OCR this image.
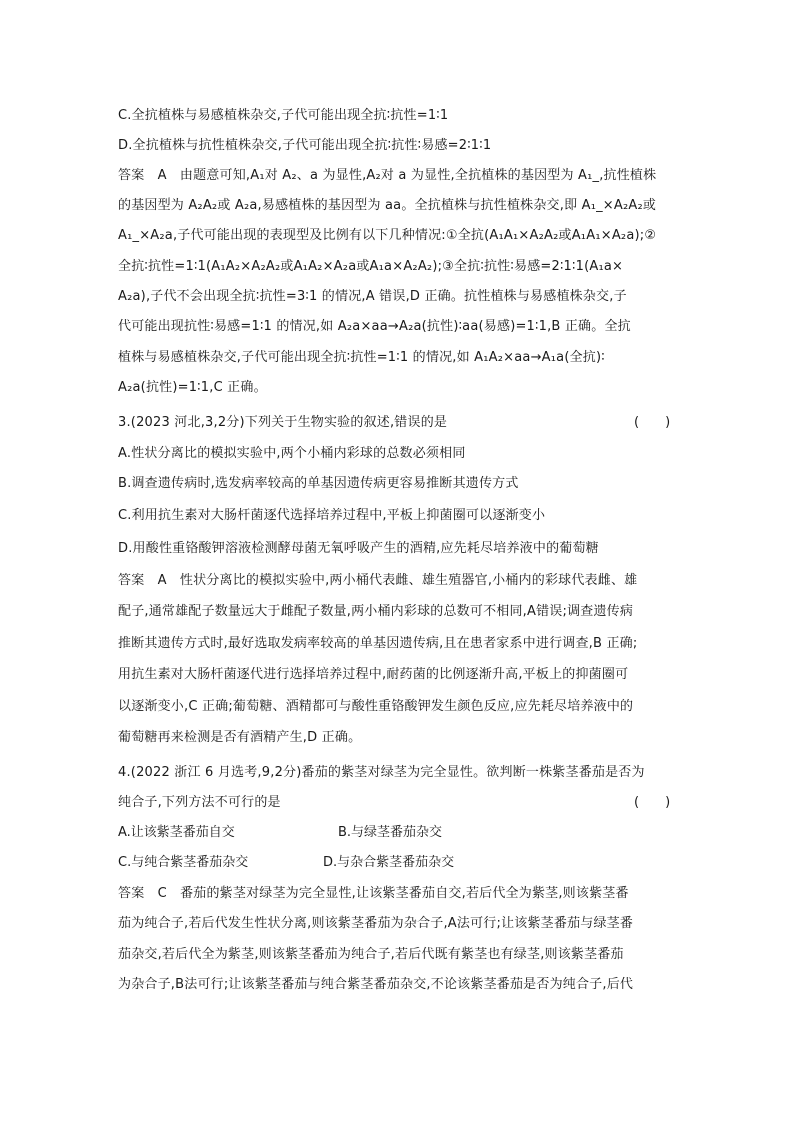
C.全抗植株与易感植株杂交,子代可能出现全抗∶抗性=1∶1
D.全抗植株与抗性植株杂交,子代可能出现全抗∶抗性∶易感=2∶1∶1
答案　A　由题意可知,A₁对 A₂、a 为显性,A₂对 a 为显性,全抗植株的基因型为 A₁_,抗性植株
的基因型为 A₂A₂或 A₂a,易感植株的基因型为 aa。全抗植株与抗性植株杂交,即 A₁_×A₂A₂或
A₁_×A₂a,子代可能出现的表现型及比例有以下几种情况:①全抗(A₁A₁×A₂A₂或A₁A₁×A₂a);②
全抗∶抗性=1∶1(A₁A₂×A₂A₂或A₁A₂×A₂a或A₁a×A₂A₂);③全抗∶抗性∶易感=2∶1∶1(A₁a×
A₂a),子代不会出现全抗∶抗性=3∶1 的情况,A 错误,D 正确。抗性植株与易感植株杂交,子
代可能出现抗性∶易感=1∶1 的情况,如 A₂a×aa→A₂a(抗性)∶aa(易感)=1∶1,B 正确。全抗
植株与易感植株杂交,子代可能出现全抗∶抗性=1∶1 的情况,如 A₁A₂×aa→A₁a(全抗)∶
A₂a(抗性)=1∶1,C 正确。
3.(2023 河北,3,2分)下列关于生物实验的叙述,错误的是	(　　)
A.性状分离比的模拟实验中,两个小桶内彩球的总数必须相同
B.调查遗传病时,选发病率较高的单基因遗传病更容易推断其遗传方式
C.利用抗生素对大肠杆菌逐代选择培养过程中,平板上抑菌圈可以逐渐变小
D.用酸性重铬酸钾溶液检测酵母菌无氧呼吸产生的酒精,应先耗尽培养液中的葡萄糖
答案　A　性状分离比的模拟实验中,两小桶代表雌、雄生殖器官,小桶内的彩球代表雌、雄
配子,通常雄配子数量远大于雌配子数量,两小桶内彩球的总数可不相同,A错误;调查遗传病
推断其遗传方式时,最好选取发病率较高的单基因遗传病,且在患者家系中进行调查,B 正确;
用抗生素对大肠杆菌逐代进行选择培养过程中,耐药菌的比例逐渐升高,平板上的抑菌圈可
以逐渐变小,C 正确;葡萄糖、酒精都可与酸性重铬酸钾发生颜色反应,应先耗尽培养液中的
葡萄糖再来检测是否有酒精产生,D 正确。
4.(2022 浙江 6 月选考,9,2分)番茄的紫茎对绿茎为完全显性。欲判断一株紫茎番茄是否为
纯合子,下列方法不可行的是	(　　)
A.让该紫茎番茄自交	B.与绿茎番茄杂交
C.与纯合紫茎番茄杂交	D.与杂合紫茎番茄杂交
答案　C　番茄的紫茎对绿茎为完全显性,让该紫茎番茄自交,若后代全为紫茎,则该紫茎番
茄为纯合子,若后代发生性状分离,则该紫茎番茄为杂合子,A法可行;让该紫茎番茄与绿茎番
茄杂交,若后代全为紫茎,则该紫茎番茄为纯合子,若后代既有紫茎也有绿茎,则该紫茎番茄
为杂合子,B法可行;让该紫茎番茄与纯合紫茎番茄杂交,不论该紫茎番茄是否为纯合子,后代
